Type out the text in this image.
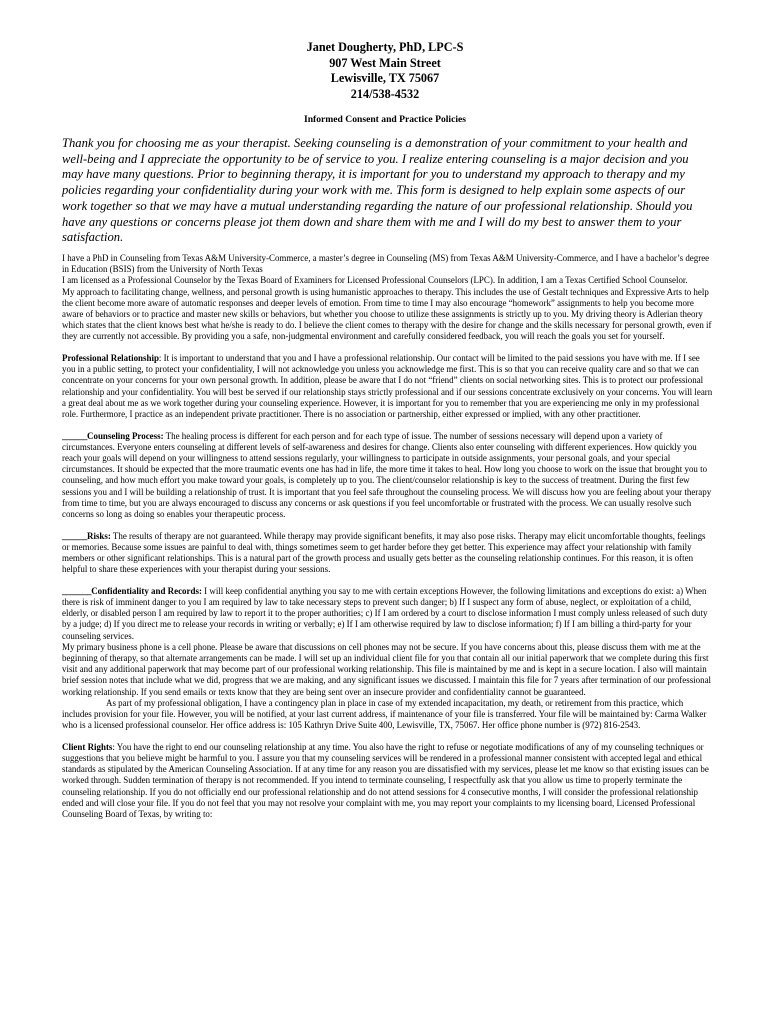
Janet Dougherty, PhD, LPC-S
907 West Main Street
Lewisville, TX 75067
214/538-4532
Informed Consent and Practice Policies

Thank you for choosing me as your therapist. Seeking counseling is a demonstration of your commitment to your health and well-being and I appreciate the opportunity to be of service to you. I realize entering counseling is a major decision and you may have many questions. Prior to beginning therapy, it is important for you to understand my approach to therapy and my policies regarding your confidentiality during your work with me. This form is designed to help explain some aspects of our work together so that we may have a mutual understanding regarding the nature of our professional relationship. Should you have any questions or concerns please jot them down and share them with me and I will do my best to answer them to your satisfaction.

I have a PhD in Counseling from Texas A&M University-Commerce, a master’s degree in Counseling (MS) from Texas A&M University-Commerce, and I have a bachelor’s degree in Education (BSIS) from the University of North Texas

I am licensed as a Professional Counselor by the Texas Board of Examiners for Licensed Professional Counselors (LPC). In addition, I am a Texas Certified School Counselor.

My approach to facilitating change, wellness, and personal growth is using humanistic approaches to therapy. This includes the use of Gestalt techniques and Expressive Arts to help the client become more aware of automatic responses and deeper levels of emotion. From time to time I may also encourage “homework” assignments to help you become more aware of behaviors or to practice and master new skills or behaviors, but whether you choose to utilize these assignments is strictly up to you. My driving theory is Adlerian theory which states that the client knows best what he/she is ready to do. I believe the client comes to therapy with the desire for change and the skills necessary for personal growth, even if they are currently not accessible. By providing you a safe, non-judgmental environment and carefully considered feedback, you will reach the goals you set for yourself.

Professional Relationship: It is important to understand that you and I have a professional relationship. Our contact will be limited to the paid sessions you have with me. If I see you in a public setting, to protect your confidentiality, I will not acknowledge you unless you acknowledge me first. This is so that you can receive quality care and so that we can concentrate on your concerns for your own personal growth. In addition, please be aware that I do not “friend” clients on social networking sites. This is to protect our professional relationship and your confidentiality. You will best be served if our relationship stays strictly professional and if our sessions concentrate exclusively on your concerns. You will learn a great deal about me as we work together during your counseling experience. However, it is important for you to remember that you are experiencing me only in my professional role. Furthermore, I practice as an independent private practitioner. There is no association or partnership, either expressed or implied, with any other practitioner.

______Counseling Process: The healing process is different for each person and for each type of issue. The number of sessions necessary will depend upon a variety of circumstances. Everyone enters counseling at different levels of self-awareness and desires for change. Clients also enter counseling with different experiences. How quickly you reach your goals will depend on your willingness to attend sessions regularly, your willingness to participate in outside assignments, your personal goals, and your special circumstances. It should be expected that the more traumatic events one has had in life, the more time it takes to heal. How long you choose to work on the issue that brought you to counseling, and how much effort you make toward your goals, is completely up to you. The client/counselor relationship is key to the success of treatment. During the first few sessions you and I will be building a relationship of trust. It is important that you feel safe throughout the counseling process. We will discuss how you are feeling about your therapy from time to time, but you are always encouraged to discuss any concerns or ask questions if you feel uncomfortable or frustrated with the process. We can usually resolve such concerns so long as doing so enables your therapeutic process.

______Risks: The results of therapy are not guaranteed. While therapy may provide significant benefits, it may also pose risks. Therapy may elicit uncomfortable thoughts, feelings or memories. Because some issues are painful to deal with, things sometimes seem to get harder before they get better. This experience may affect your relationship with family members or other significant relationships. This is a natural part of the growth process and usually gets better as the counseling relationship continues. For this reason, it is often helpful to share these experiences with your therapist during your sessions.

_______Confidentiality and Records: I will keep confidential anything you say to me with certain exceptions However, the following limitations and exceptions do exist: a) When there is risk of imminent danger to you I am required by law to take necessary steps to prevent such danger; b) If I suspect any form of abuse, neglect, or exploitation of a child, elderly, or disabled person I am required by law to report it to the proper authorities; c) If I am ordered by a court to disclose information I must comply unless released of such duty by a judge; d) If you direct me to release your records in writing or verbally; e) If I am otherwise required by law to disclose information; f) If I am billing a third-party for your counseling services.
My primary business phone is a cell phone. Please be aware that discussions on cell phones may not be secure. If you have concerns about this, please discuss them with me at the beginning of therapy, so that alternate arrangements can be made. I will set up an individual client file for you that contain all our initial paperwork that we complete during this first visit and any additional paperwork that may become part of our professional working relationship. This file is maintained by me and is kept in a secure location. I also will maintain brief session notes that include what we did, progress that we are making, and any significant issues we discussed. I maintain this file for 7 years after termination of our professional working relationship. If you send emails or texts know that they are being sent over an insecure provider and confidentiality cannot be guaranteed.
As part of my professional obligation, I have a contingency plan in place in case of my extended incapacitation, my death, or retirement from this practice, which includes provision for your file. However, you will be notified, at your last current address, if maintenance of your file is transferred. Your file will be maintained by: Carma Walker who is a licensed professional counselor. Her office address is: 105 Kathryn Drive Suite 400, Lewisville, TX, 75067. Her office phone number is (972) 816-2543.

Client Rights: You have the right to end our counseling relationship at any time. You also have the right to refuse or negotiate modifications of any of my counseling techniques or suggestions that you believe might be harmful to you. I assure you that my counseling services will be rendered in a professional manner consistent with accepted legal and ethical standards as stipulated by the American Counseling Association. If at any time for any reason you are dissatisfied with my services, please let me know so that existing issues can be worked through. Sudden termination of therapy is not recommended. If you intend to terminate counseling, I respectfully ask that you allow us time to properly terminate the counseling relationship. If you do not officially end our professional relationship and do not attend sessions for 4 consecutive months, I will consider the professional relationship ended and will close your file. If you do not feel that you may not resolve your complaint with me, you may report your complaints to my licensing board, Licensed Professional Counseling Board of Texas, by writing to:
